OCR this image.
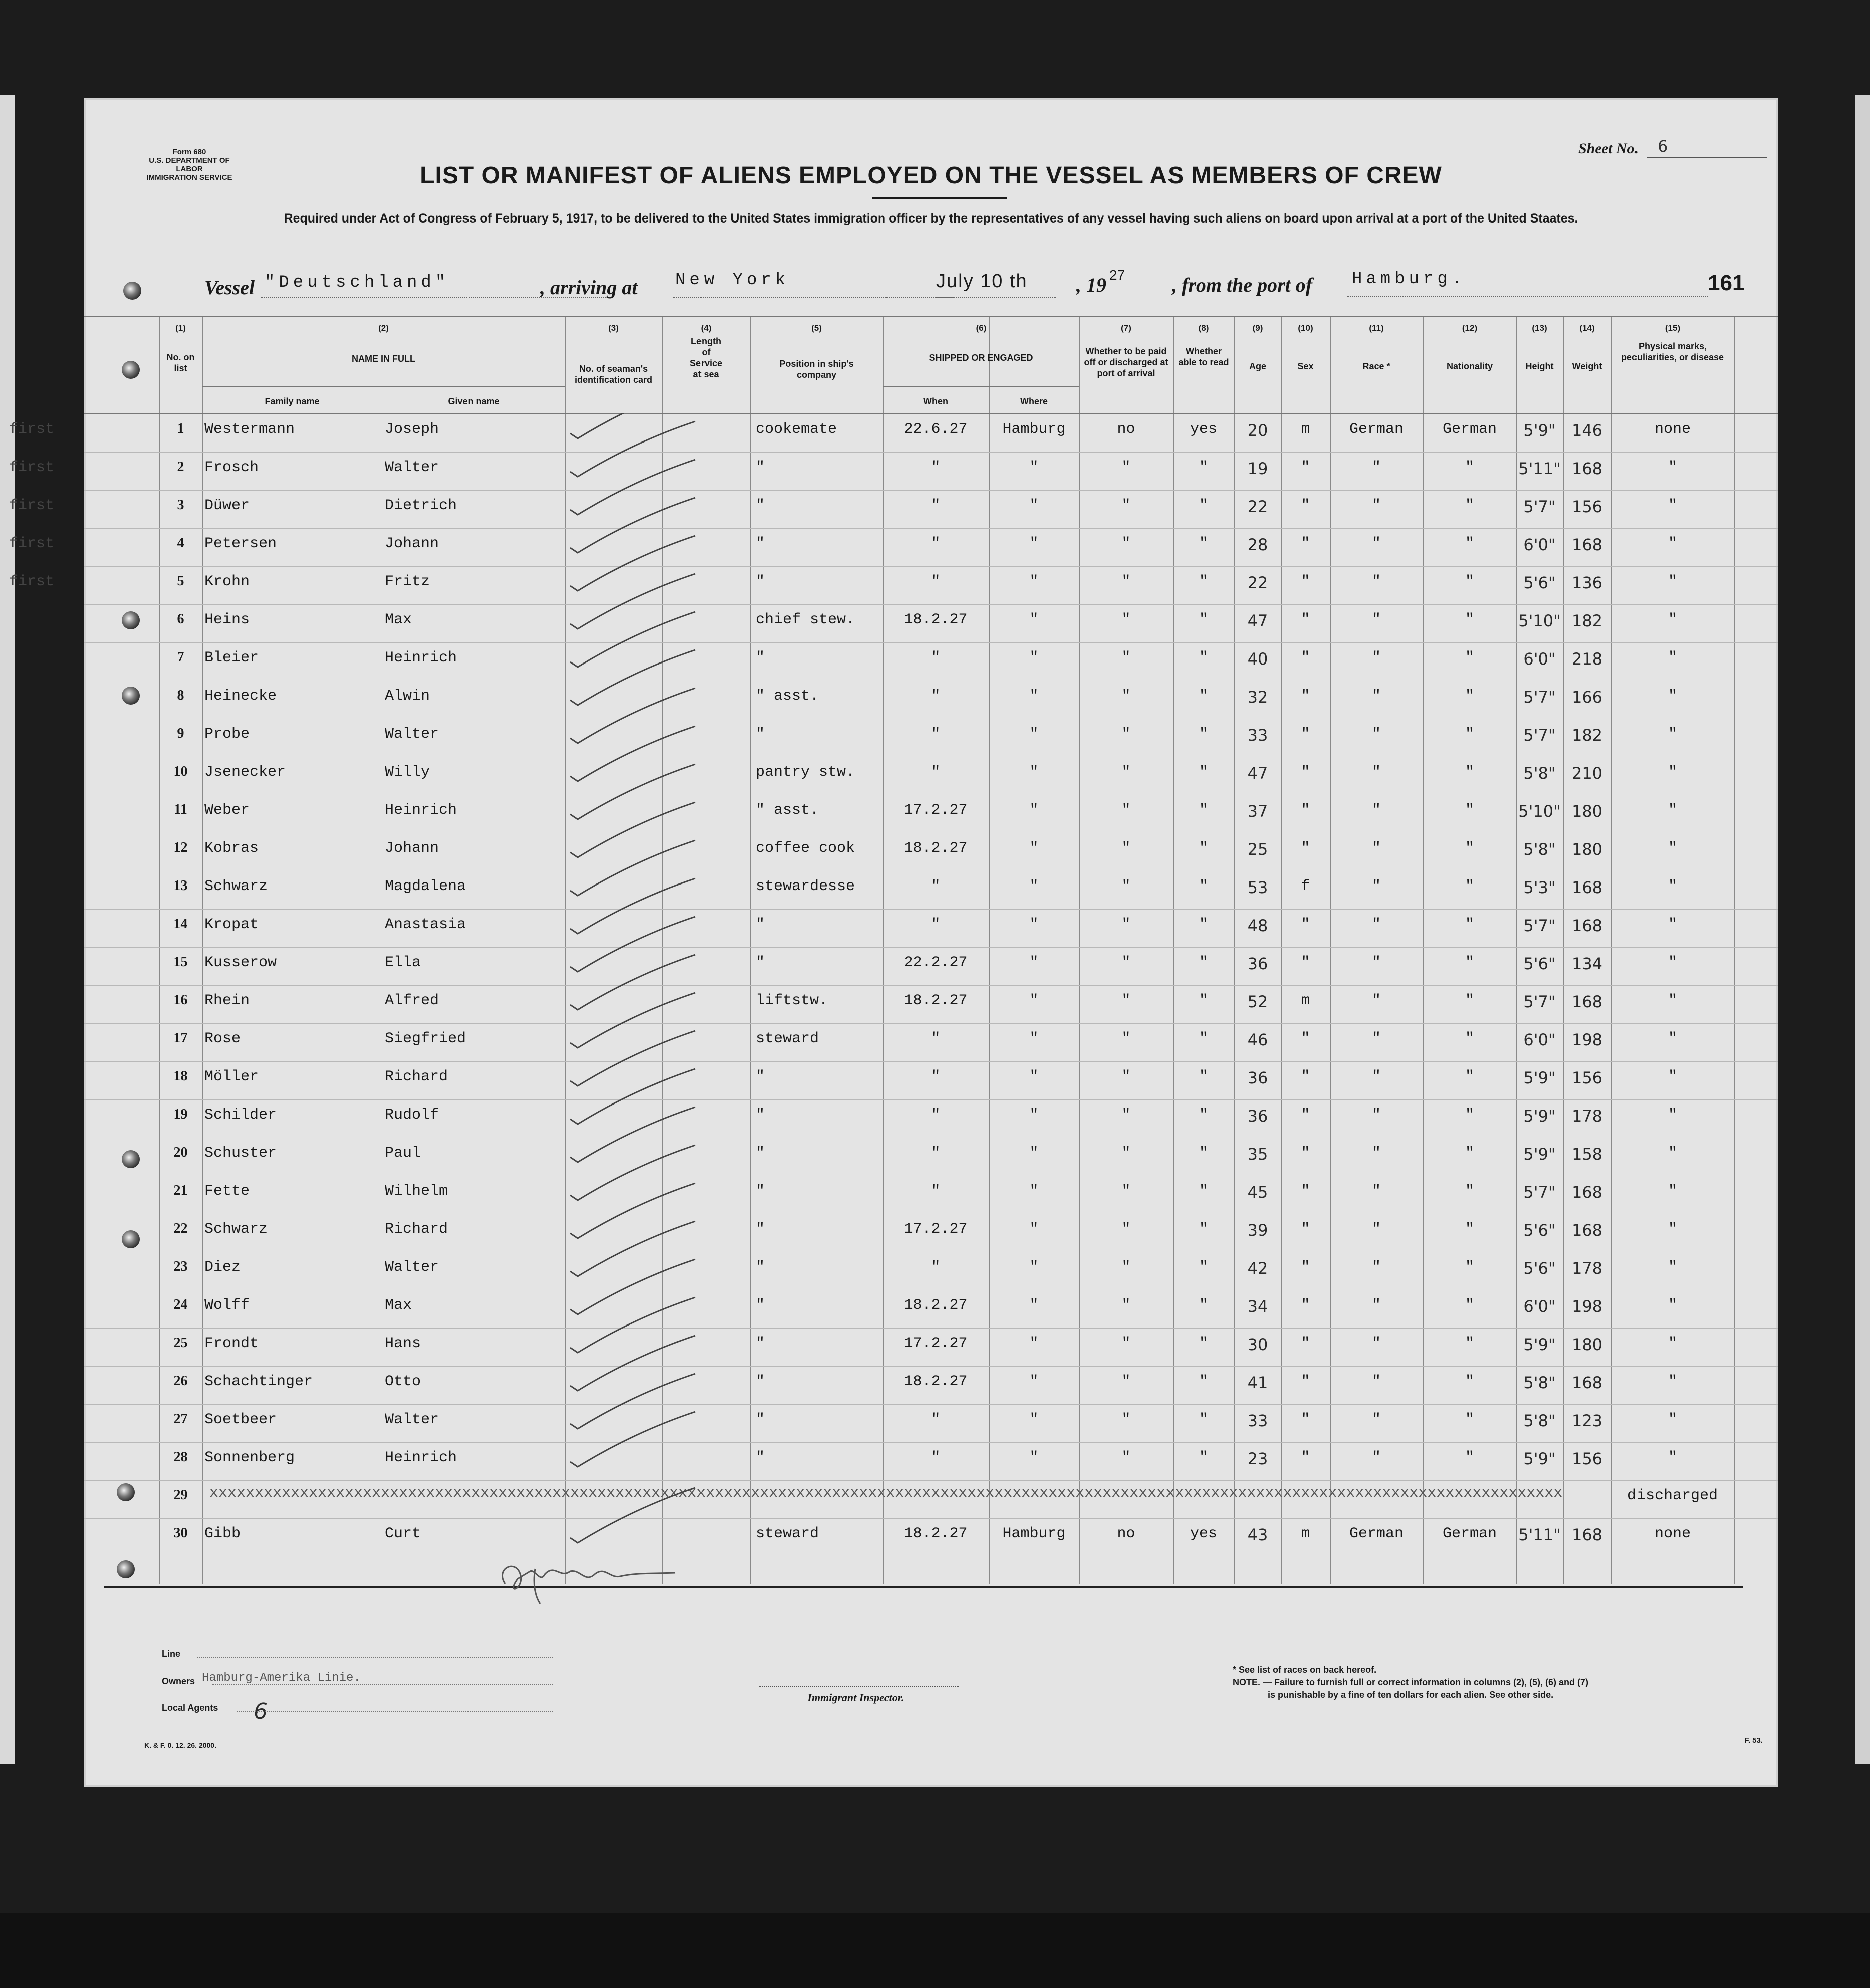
Form 680
U.S. DEPARTMENT OF LABOR
IMMIGRATION SERVICE
Sheet No. 6
LIST OR MANIFEST OF ALIENS EMPLOYED ON THE VESSEL AS MEMBERS OF CREW
Required under Act of Congress of February 5, 1917, to be delivered to the United States immigration officer by the representatives of any vessel having such aliens on board upon arrival at a port of the United Staates.
Vessel "Deutschland"	, arriving at New York	July 10 th , 19 27 , from the port of Hamburg.	161
(1)
No. on list
(2)
NAME IN FULL
Family name	Given name
(3)
No. of seaman's identification card
(4)
Length of Service at sea
(5)
Position in ship's company
(6)
SHIPPED OR ENGAGED
When	Where
(7)
Whether to be paid off or discharged at port of arrival
(8)
Whether able to read
(9)
Age
(10)
Sex
(11)
Race *
(12)
Nationality
(13)
Height
(14)
Weight
(15)
Physical marks, peculiarities, or disease
first	1	Westermann	Joseph	cookemate	22.6.27	Hamburg	no	yes	20	m	German	German	5'9"	146	none
first	2	Frosch	Walter	"	"	"	"	"	19	"	"	"	5'11" 168	"
first	3	Düwer	Dietrich	"	"	"	"	"	22	"	"	"	5'7"	156	"
first	4	Petersen	Johann	"	"	"	"	"	28	"	"	"	6'0"	168	"
first	5	Krohn	Fritz	"	"	"	"	"	22	"	"	"	5'6"	136	"
6	Heins	Max	chief stew.	18.2.27	"	"	"	47	"	"	"	5'10" 182	"
7	Bleier	Heinrich	"	"	"	"	"	40	"	"	"	6'0"	218	"
8	Heinecke	Alwin	" asst.	"	"	"	"	32	"	"	"	5'7"	166	"
9	Probe	Walter	"	"	"	"	"	33	"	"	"	5'7"	182	"
10	Jsenecker	Willy	pantry stw.	"	"	"	"	47	"	"	"	5'8"	210	"
11	Weber	Heinrich	" asst.	17.2.27	"	"	"	37	"	"	"	5'10" 180	"
12	Kobras	Johann	coffee cook	18.2.27	"	"	"	25	"	"	"	5'8"	180	"
13	Schwarz	Magdalena	stewardesse	"	"	"	"	53	f	"	"	5'3"	168	"
14	Kropat	Anastasia	"	"	"	"	"	48	"	"	"	5'7"	168	"
15	Kusserow	Ella	"	22.2.27	"	"	"	36	"	"	"	5'6"	134	"
16	Rhein	Alfred	liftstw.	18.2.27	"	"	"	52	m	"	"	5'7"	168	"
17	Rose	Siegfried	steward	"	"	"	"	46	"	"	"	6'0"	198	"
18	Möller	Richard	"	"	"	"	"	36	"	"	"	5'9"	156	"
19	Schilder	Rudolf	"	"	"	"	"	36	"	"	"	5'9"	178	"
20	Schuster	Paul	"	"	"	"	"	35	"	"	"	5'9"	158	"
21	Fette	Wilhelm	"	"	"	"	"	45	"	"	"	5'7"	168	"
22	Schwarz	Richard	"	17.2.27	"	"	"	39	"	"	"	5'6"	168	"
23	Diez	Walter	"	"	"	"	"	42	"	"	"	5'6"	178	"
24	Wolff	Max	"	18.2.27	"	"	"	34	"	"	"	6'0"	198	"
25	Frondt	Hans	"	17.2.27	"	"	"	30	"	"	"	5'9"	180	"
26	Schachtinger	Otto	"	18.2.27	"	"	"	41	"	"	"	5'8"	168	"
27	Soetbeer	Walter	"	"	"	"	"	33	"	"	"	5'8"	123	"
28	Sonnenberg	Heinrich	"	"	"	"	"	23	"	"	"	5'9"	156	"
29	discharged
30	Gibb	Curt	steward	18.2.27	Hamburg	no	yes	43	m	German	German	5'11" 168	none
xxxxxxxxxxxxxxxxxxxxxxxxxxxxxxxxxxxxxxxxxxxxxxxxxxxxxxxxxxxxxxxxxxxxxxxxxxxxxxxxxxxxxxxxxxxxxxxxxxxxxxxxxxxxxxxxxxxxxxxxxxxxxxxxxxxxxxxxxxxxxxxxxxxxxx
Line
Owners Hamburg-Amerika Linie.
Local Agents 6
Immigrant Inspector.
* See list of races on back hereof.
NOTE. — Failure to furnish full or correct information in columns (2), (5), (6) and (7)
is punishable by a fine of ten dollars for each alien. See other side.
K. & F. 0. 12. 26. 2000.
F. 53.
